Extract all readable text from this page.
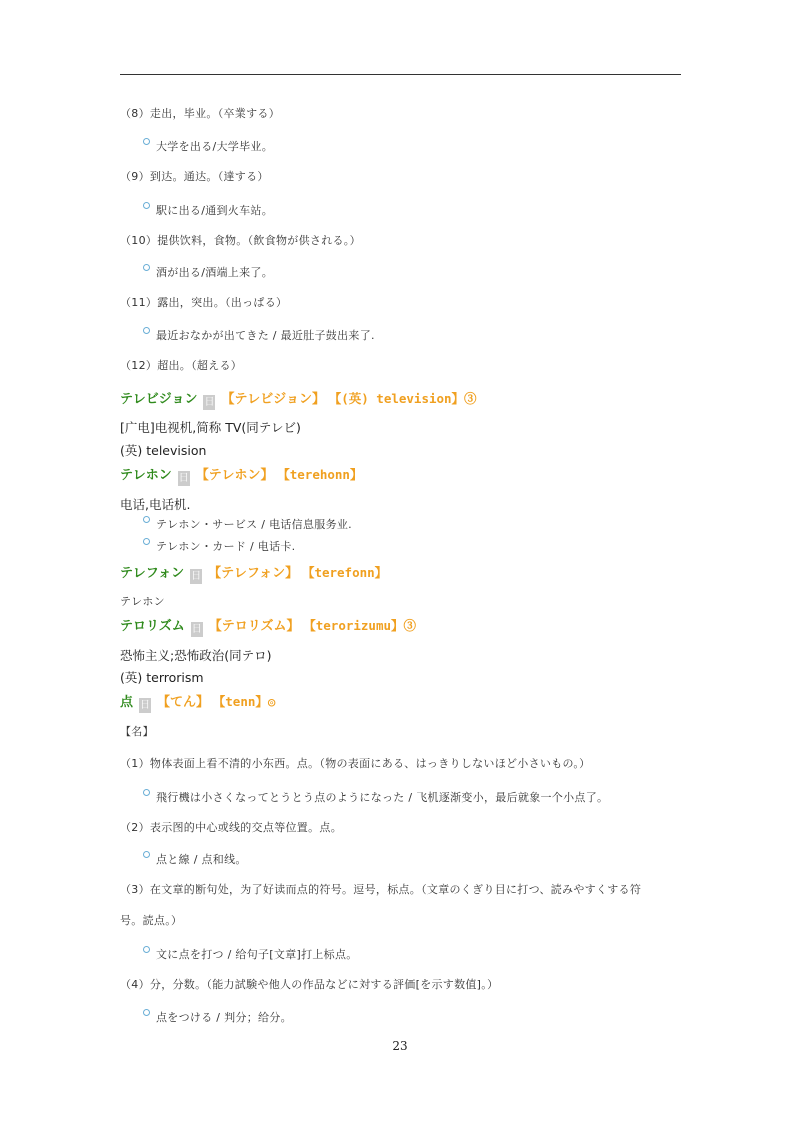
（8）走出，毕业。（卒業する）
大学を出る/大学毕业。
（9）到达。通达。（達する）
駅に出る/通到火车站。
（10）提供饮料，食物。（飲食物が供される。）
酒が出る/酒端上来了。
（11）露出，突出。（出っぱる）
最近おなかが出てきた / 最近肚子鼓出来了.
（12）超出。（超える）
テレビジョン 日 【テレビジョン】 【(英) television】③
[广电]电视机,简称 TV(同テレビ)
(英) television
テレホン 日 【テレホン】 【terehonn】
电话,电话机.
テレホン・サービス / 电话信息服务业.
テレホン・カード / 电话卡.
テレフォン 日 【テレフォン】 【terefonn】
テレホン
テロリズム 日 【テロリズム】 【terorizumu】③
恐怖主义;恐怖政治(同テロ)
(英) terrorism
点 日 【てん】 【tenn】◎
【名】
（1）物体表面上看不清的小东西。点。（物の表面にある、はっきりしないほど小さいもの。）
飛行機は小さくなってとうとう点のようになった / 飞机逐渐变小，最后就象一个小点了。
（2）表示图的中心或线的交点等位置。点。
点と線 / 点和线。
（3）在文章的断句处，为了好读而点的符号。逗号，标点。（文章のくぎり目に打つ、読みやすくする符
号。読点。）
文に点を打つ / 给句子[文章]打上标点。
（4）分，分数。（能力試験や他人の作品などに対する評価[を示す数值]。）
点をつける / 判分；给分。
23
